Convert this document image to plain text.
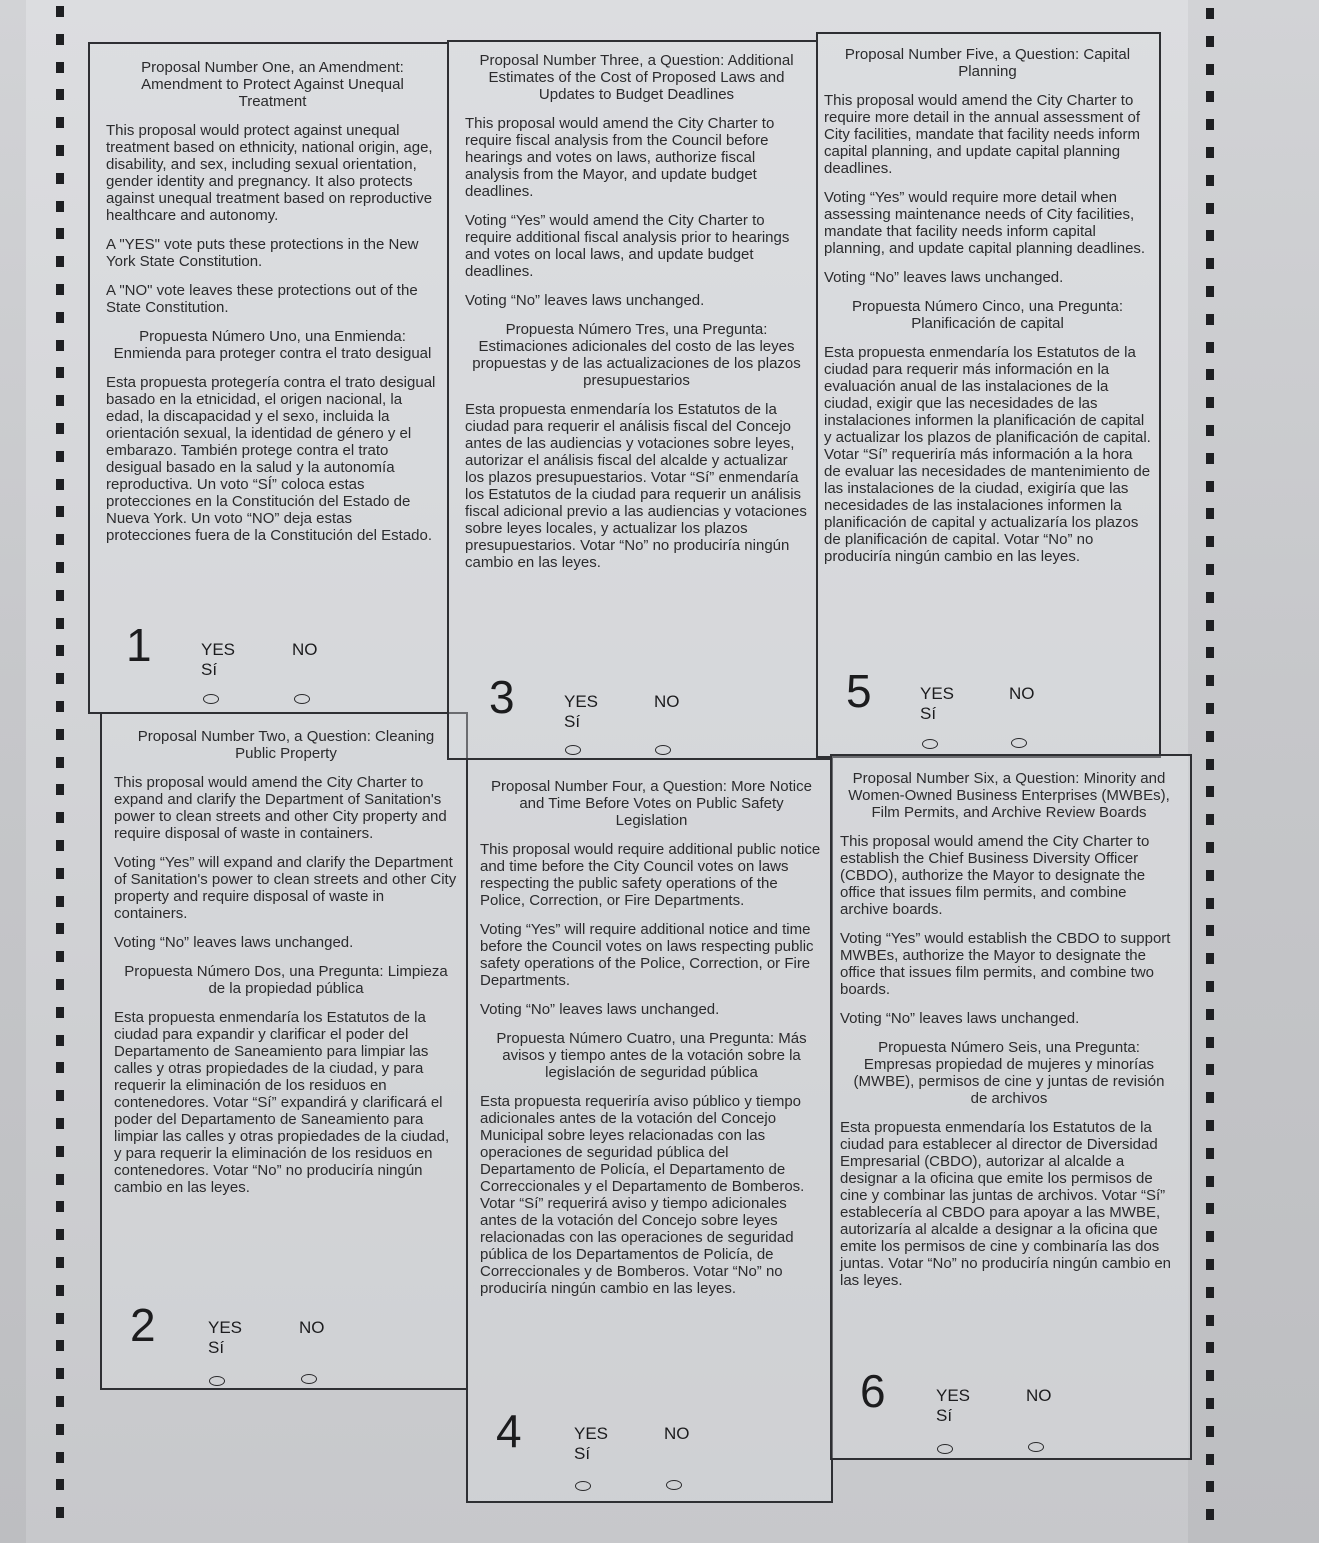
Proposal Number One, an Amendment: Amendment to Protect Against Unequal Treatment
This proposal would protect against unequal treatment based on ethnicity, national origin, age, disability, and sex, including sexual orientation, gender identity and pregnancy. It also protects against unequal treatment based on reproductive healthcare and autonomy.
A "YES" vote puts these protections in the New York State Constitution.
A "NO" vote leaves these protections out of the State Constitution.
Propuesta Número Uno, una Enmienda: Enmienda para proteger contra el trato desigual
Esta propuesta protegería contra el trato desigual basado en la etnicidad, el origen nacional, la edad, la discapacidad y el sexo, incluida la orientación sexual, la identidad de género y el embarazo. También protege contra el trato desigual basado en la salud y la autonomía reproductiva. Un voto “SÍ” coloca estas protecciones en la Constitución del Estado de Nueva York. Un voto “NO” deja estas protecciones fuera de la Constitución del Estado.
1	YES
Sí
NO
Proposal Number Two, a Question: Cleaning Public Property
This proposal would amend the City Charter to expand and clarify the Department of Sanitation's power to clean streets and other City property and require disposal of waste in containers.
Voting “Yes” will expand and clarify the Department of Sanitation's power to clean streets and other City property and require disposal of waste in containers.
Voting “No” leaves laws unchanged.
Propuesta Número Dos, una Pregunta: Limpieza de la propiedad pública
Esta propuesta enmendaría los Estatutos de la ciudad para expandir y clarificar el poder del Departamento de Saneamiento para limpiar las calles y otras propiedades de la ciudad, y para requerir la eliminación de los residuos en contenedores. Votar “Sí” expandirá y clarificará el poder del Departamento de Saneamiento para limpiar las calles y otras propiedades de la ciudad, y para requerir la eliminación de los residuos en contenedores. Votar “No” no produciría ningún cambio en las leyes.
2	YES
Sí
NO
Proposal Number Three, a Question: Additional Estimates of the Cost of Proposed Laws and Updates to Budget Deadlines
This proposal would amend the City Charter to require fiscal analysis from the Council before hearings and votes on laws, authorize fiscal analysis from the Mayor, and update budget deadlines.
Voting “Yes” would amend the City Charter to require additional fiscal analysis prior to hearings and votes on local laws, and update budget deadlines.
Voting “No” leaves laws unchanged.
Propuesta Número Tres, una Pregunta: Estimaciones adicionales del costo de las leyes propuestas y de las actualizaciones de los plazos presupuestarios
Esta propuesta enmendaría los Estatutos de la ciudad para requerir el análisis fiscal del Concejo antes de las audiencias y votaciones sobre leyes, autorizar el análisis fiscal del alcalde y actualizar los plazos presupuestarios. Votar “Sí” enmendaría los Estatutos de la ciudad para requerir un análisis fiscal adicional previo a las audiencias y votaciones sobre leyes locales, y actualizar los plazos presupuestarios. Votar “No” no produciría ningún cambio en las leyes.
3	YES
Sí
NO
Proposal Number Four, a Question: More Notice and Time Before Votes on Public Safety Legislation
This proposal would require additional public notice and time before the City Council votes on laws respecting the public safety operations of the Police, Correction, or Fire Departments.
Voting “Yes” will require additional notice and time before the Council votes on laws respecting public safety operations of the Police, Correction, or Fire Departments.
Voting “No” leaves laws unchanged.
Propuesta Número Cuatro, una Pregunta: Más avisos y tiempo antes de la votación sobre la legislación de seguridad pública
Esta propuesta requeriría aviso público y tiempo adicionales antes de la votación del Concejo Municipal sobre leyes relacionadas con las operaciones de seguridad pública del Departamento de Policía, el Departamento de Correccionales y el Departamento de Bomberos. Votar “Sí” requerirá aviso y tiempo adicionales antes de la votación del Concejo sobre leyes relacionadas con las operaciones de seguridad pública de los Departamentos de Policía, de Correccionales y de Bomberos. Votar “No” no produciría ningún cambio en las leyes.
4	YES
Sí
NO
Proposal Number Five, a Question: Capital Planning
This proposal would amend the City Charter to require more detail in the annual assessment of City facilities, mandate that facility needs inform capital planning, and update capital planning deadlines.
Voting “Yes” would require more detail when assessing maintenance needs of City facilities, mandate that facility needs inform capital planning, and update capital planning deadlines.
Voting “No” leaves laws unchanged.
Propuesta Número Cinco, una Pregunta: Planificación de capital
Esta propuesta enmendaría los Estatutos de la ciudad para requerir más información en la evaluación anual de las instalaciones de la ciudad, exigir que las necesidades de las instalaciones informen la planificación de capital y actualizar los plazos de planificación de capital. Votar “Sí” requeriría más información a la hora de evaluar las necesidades de mantenimiento de las instalaciones de la ciudad, exigiría que las necesidades de las instalaciones informen la planificación de capital y actualizaría los plazos de planificación de capital. Votar “No” no produciría ningún cambio en las leyes.
5	YES
Sí
NO
Proposal Number Six, a Question: Minority and Women-Owned Business Enterprises (MWBEs), Film Permits, and Archive Review Boards
This proposal would amend the City Charter to establish the Chief Business Diversity Officer (CBDO), authorize the Mayor to designate the office that issues film permits, and combine archive boards.
Voting “Yes” would establish the CBDO to support MWBEs, authorize the Mayor to designate the office that issues film permits, and combine two boards.
Voting “No” leaves laws unchanged.
Propuesta Número Seis, una Pregunta: Empresas propiedad de mujeres y minorías (MWBE), permisos de cine y juntas de revisión de archivos
Esta propuesta enmendaría los Estatutos de la ciudad para establecer al director de Diversidad Empresarial (CBDO), autorizar al alcalde a designar a la oficina que emite los permisos de cine y combinar las juntas de archivos. Votar “Sí” establecería al CBDO para apoyar a las MWBE, autorizaría al alcalde a designar a la oficina que emite los permisos de cine y combinaría las dos juntas. Votar “No” no produciría ningún cambio en las leyes.
6	YES
Sí
NO
